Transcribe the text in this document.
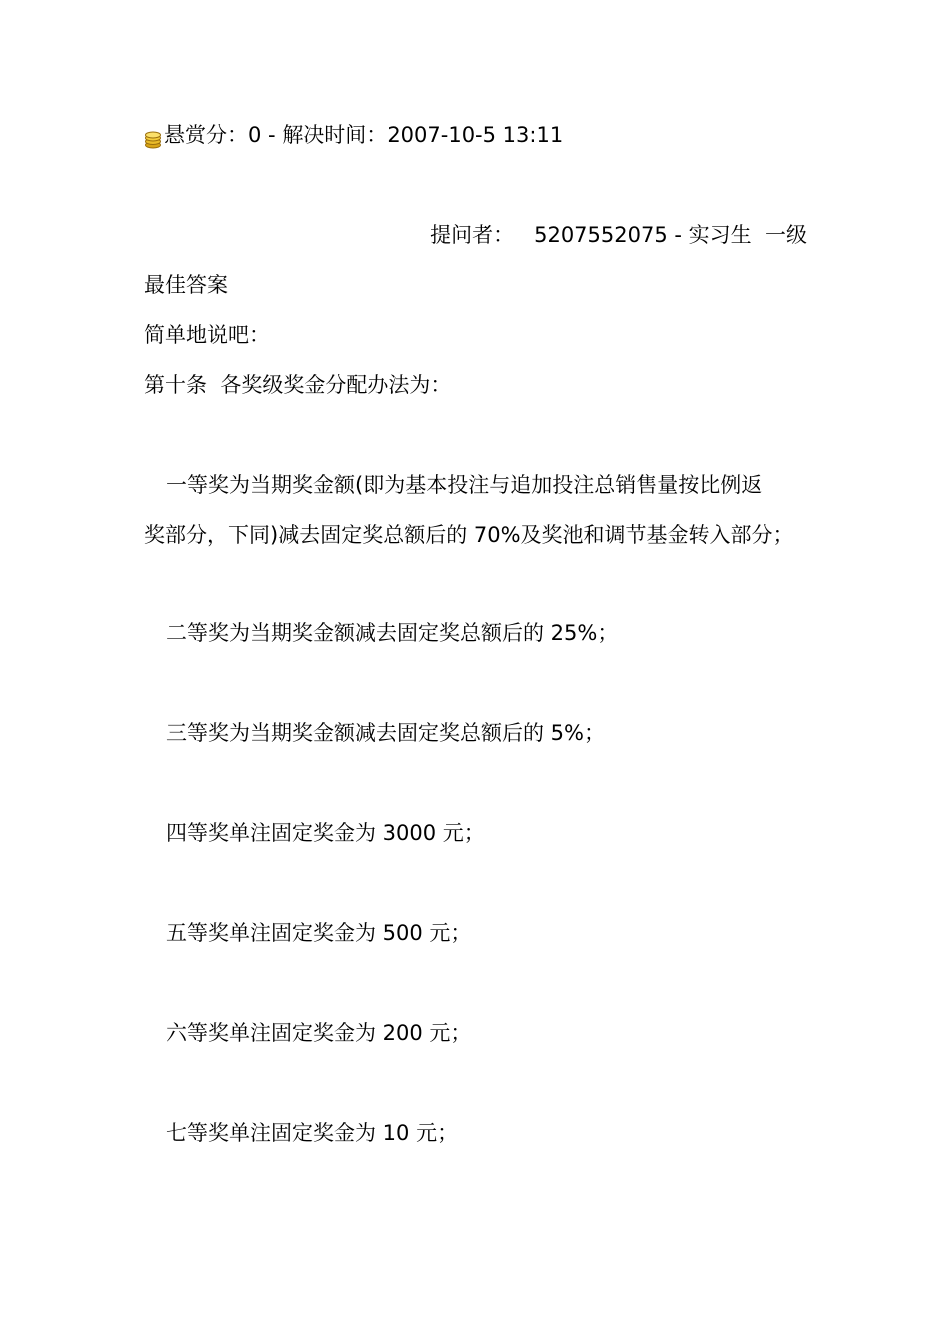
悬赏分： 0 - 解决时间： 2007-10-5 13:11
提问者： 5207552075 - 实习生  一级

最佳答案

简单地说吧：

第十条  各奖级奖金分配办法为：

一等奖为当期奖金额(即为基本投注与追加投注总销售量按比例返

奖部分，下同)减去固定奖总额后的 70%及奖池和调节基金转入部分；

二等奖为当期奖金额减去固定奖总额后的 25%；

三等奖为当期奖金额减去固定奖总额后的 5%；

四等奖单注固定奖金为 3000 元；

五等奖单注固定奖金为 500 元；

六等奖单注固定奖金为 200 元；

七等奖单注固定奖金为 10 元；
